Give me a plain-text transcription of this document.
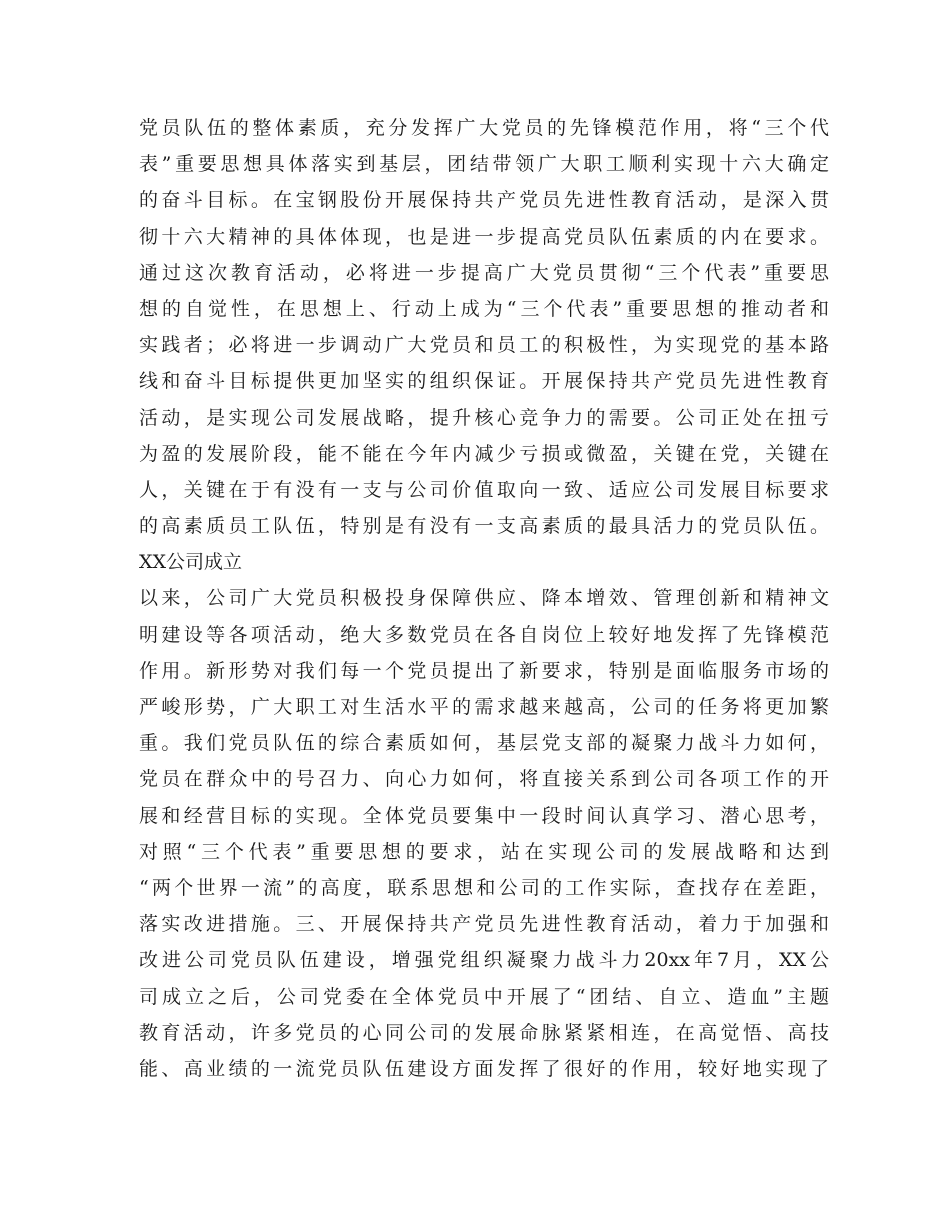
党员队伍的整体素质，充分发挥广大党员的先锋模范作用，将“三个代
表”重要思想具体落实到基层，团结带领广大职工顺利实现十六大确定
的奋斗目标。在宝钢股份开展保持共产党员先进性教育活动，是深入贯
彻十六大精神的具体体现，也是进一步提高党员队伍素质的内在要求。
通过这次教育活动，必将进一步提高广大党员贯彻“三个代表”重要思
想的自觉性，在思想上、行动上成为“三个代表”重要思想的推动者和
实践者；必将进一步调动广大党员和员工的积极性，为实现党的基本路
线和奋斗目标提供更加坚实的组织保证。开展保持共产党员先进性教育
活动，是实现公司发展战略，提升核心竞争力的需要。公司正处在扭亏
为盈的发展阶段，能不能在今年内减少亏损或微盈，关键在党，关键在
人，关键在于有没有一支与公司价值取向一致、适应公司发展目标要求
的高素质员工队伍，特别是有没有一支高素质的最具活力的党员队伍。
XX公司成立
以来，公司广大党员积极投身保障供应、降本增效、管理创新和精神文
明建设等各项活动，绝大多数党员在各自岗位上较好地发挥了先锋模范
作用。新形势对我们每一个党员提出了新要求，特别是面临服务市场的
严峻形势，广大职工对生活水平的需求越来越高，公司的任务将更加繁
重。我们党员队伍的综合素质如何，基层党支部的凝聚力战斗力如何，
党员在群众中的号召力、向心力如何，将直接关系到公司各项工作的开
展和经营目标的实现。全体党员要集中一段时间认真学习、潜心思考，
对照“三个代表”重要思想的要求，站在实现公司的发展战略和达到
“两个世界一流”的高度，联系思想和公司的工作实际，查找存在差距，
落实改进措施。三、开展保持共产党员先进性教育活动，着力于加强和
改进公司党员队伍建设，增强党组织凝聚力战斗力20xx年7月，XX公
司成立之后，公司党委在全体党员中开展了“团结、自立、造血”主题
教育活动，许多党员的心同公司的发展命脉紧紧相连，在高觉悟、高技
能、高业绩的一流党员队伍建设方面发挥了很好的作用，较好地实现了
